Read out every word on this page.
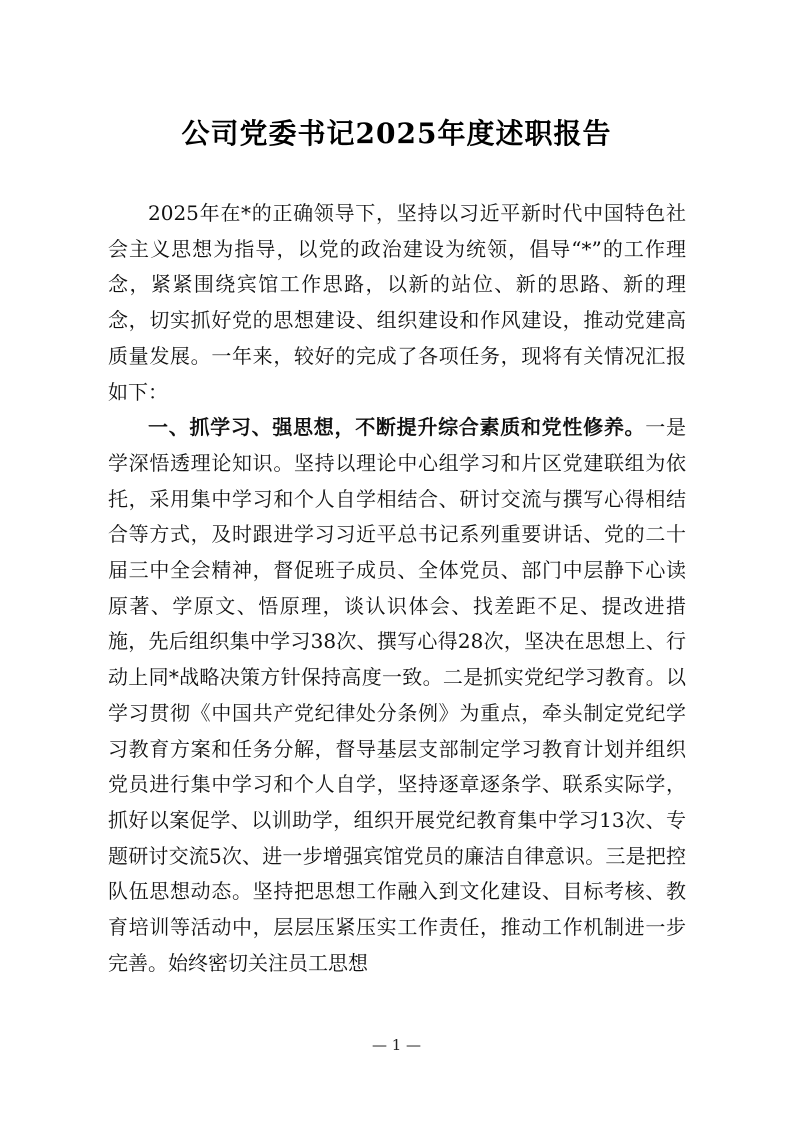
公司党委书记2025年度述职报告

2025年在*的正确领导下，坚持以习近平新时代中国特色社会主义思想为指导，以党的政治建设为统领，倡导“*”的工作理念，紧紧围绕宾馆工作思路，以新的站位、新的思路、新的理念，切实抓好党的思想建设、组织建设和作风建设，推动党建高质量发展。一年来，较好的完成了各项任务，现将有关情况汇报如下：

一、抓学习、强思想，不断提升综合素质和党性修养。一是学深悟透理论知识。坚持以理论中心组学习和片区党建联组为依托，采用集中学习和个人自学相结合、研讨交流与撰写心得相结合等方式，及时跟进学习习近平总书记系列重要讲话、党的二十届三中全会精神，督促班子成员、全体党员、部门中层静下心读原著、学原文、悟原理，谈认识体会、找差距不足、提改进措施，先后组织集中学习38次、撰写心得28次，坚决在思想上、行动上同*战略决策方针保持高度一致。二是抓实党纪学习教育。以学习贯彻《中国共产党纪律处分条例》为重点，牵头制定党纪学习教育方案和任务分解，督导基层支部制定学习教育计划并组织党员进行集中学习和个人自学，坚持逐章逐条学、联系实际学，抓好以案促学、以训助学，组织开展党纪教育集中学习13次、专题研讨交流5次、进一步增强宾馆党员的廉洁自律意识。三是把控队伍思想动态。坚持把思想工作融入到文化建设、目标考核、教育培训等活动中，层层压紧压实工作责任，推动工作机制进一步完善。始终密切关注员工思想

— 1 —
